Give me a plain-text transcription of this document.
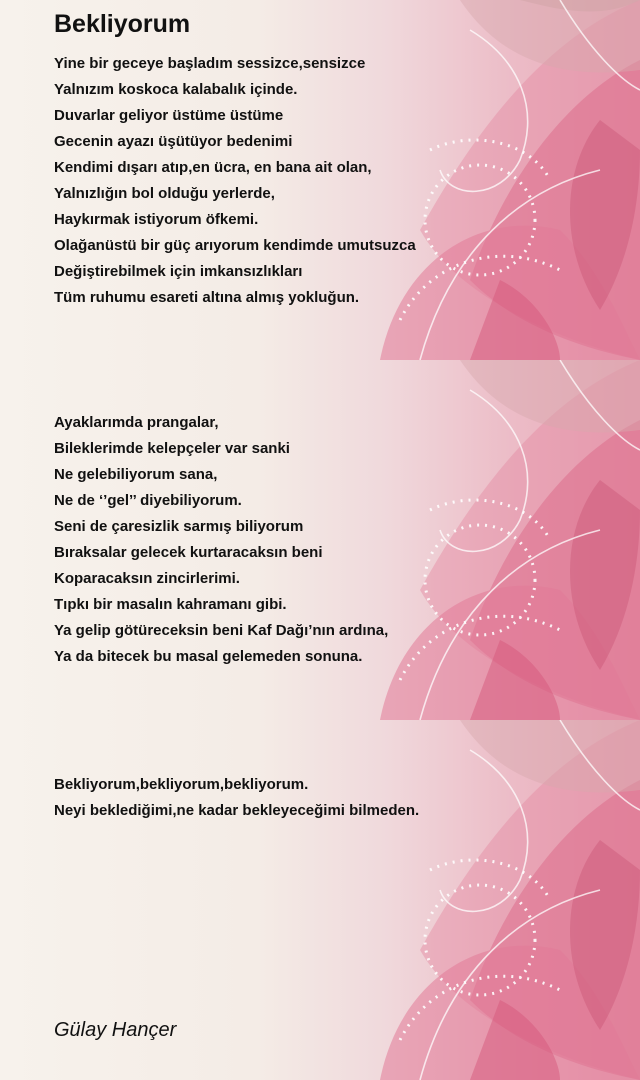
Bekliyorum
Yine bir geceye başladım sessizce,sensizce
Yalnızım koskoca kalabalık içinde.
Duvarlar geliyor üstüme üstüme
Gecenin ayazı üşütüyor bedenimi
Kendimi dışarı atıp,en ücra, en bana ait olan,
Yalnızlığın bol olduğu yerlerde,
Haykırmak istiyorum öfkemi.
Olağanüstü bir güç arıyorum kendimde umutsuzca
Değiştirebilmek için imkansızlıkları
Tüm ruhumu esareti altına almış yokluğun.
Ayaklarımda prangalar,
Bileklerimde kelepçeler var sanki
Ne gelebiliyorum sana,
Ne de ‘’gel’’ diyebiliyorum.
Seni de çaresizlik sarmış biliyorum
Bıraksalar gelecek kurtaracaksın beni
Koparacaksın zincirlerimi.
Tıpkı bir masalın kahramanı gibi.
Ya gelip götüreceksin beni Kaf Dağı’nın ardına,
Ya da bitecek bu masal gelemeden sonuna.
Bekliyorum,bekliyorum,bekliyorum.
Neyi beklediğimi,ne kadar bekleyeceğimi bilmeden.
Gülay Hançer
